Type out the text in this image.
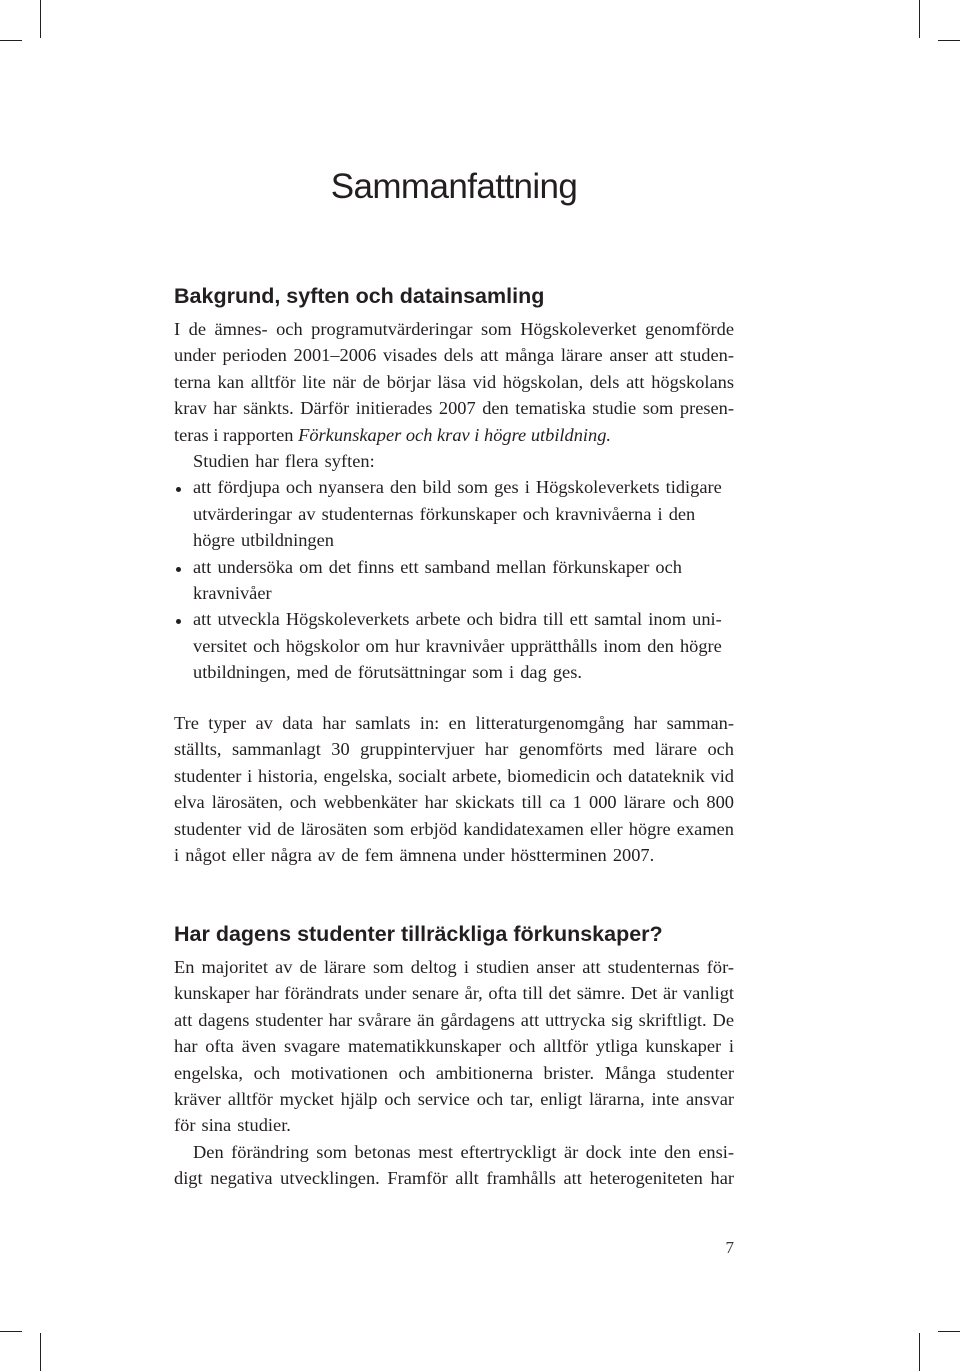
Sammanfattning
Bakgrund, syften och datainsamling
I de ämnes- och programutvärderingar som Högskoleverket genomförde
under perioden 2001–2006 visades dels att många lärare anser att studen-
terna kan alltför lite när de börjar läsa vid högskolan, dels att högskolans
krav har sänkts. Därför initierades 2007 den tematiska studie som presen-
teras i rapporten Förkunskaper och krav i högre utbildning.
Studien har flera syften:
att fördjupa och nyansera den bild som ges i Högskoleverkets tidigare
utvärderingar av studenternas förkunskaper och kravnivåerna i den
högre utbildningen
att undersöka om det finns ett samband mellan förkunskaper och
kravnivåer
att utveckla Högskoleverkets arbete och bidra till ett samtal inom uni-
versitet och högskolor om hur kravnivåer upprätthålls inom den högre
utbildningen, med de förutsättningar som i dag ges.
Tre typer av data har samlats in: en litteraturgenomgång har samman-
ställts, sammanlagt 30 gruppintervjuer har genomförts med lärare och
studenter i historia, engelska, socialt arbete, biomedicin och datateknik vid
elva lärosäten, och webbenkäter har skickats till ca 1 000 lärare och 800
studenter vid de lärosäten som erbjöd kandidatexamen eller högre examen
i något eller några av de fem ämnena under höstterminen 2007.
Har dagens studenter tillräckliga förkunskaper?
En majoritet av de lärare som deltog i studien anser att studenternas för-
kunskaper har förändrats under senare år, ofta till det sämre. Det är vanligt
att dagens studenter har svårare än gårdagens att uttrycka sig skriftligt. De
har ofta även svagare matematikkunskaper och alltför ytliga kunskaper i
engelska, och motivationen och ambitionerna brister. Många studenter
kräver alltför mycket hjälp och service och tar, enligt lärarna, inte ansvar
för sina studier.
Den förändring som betonas mest eftertryckligt är dock inte den ensi-
digt negativa utvecklingen. Framför allt framhålls att heterogeniteten har
7
